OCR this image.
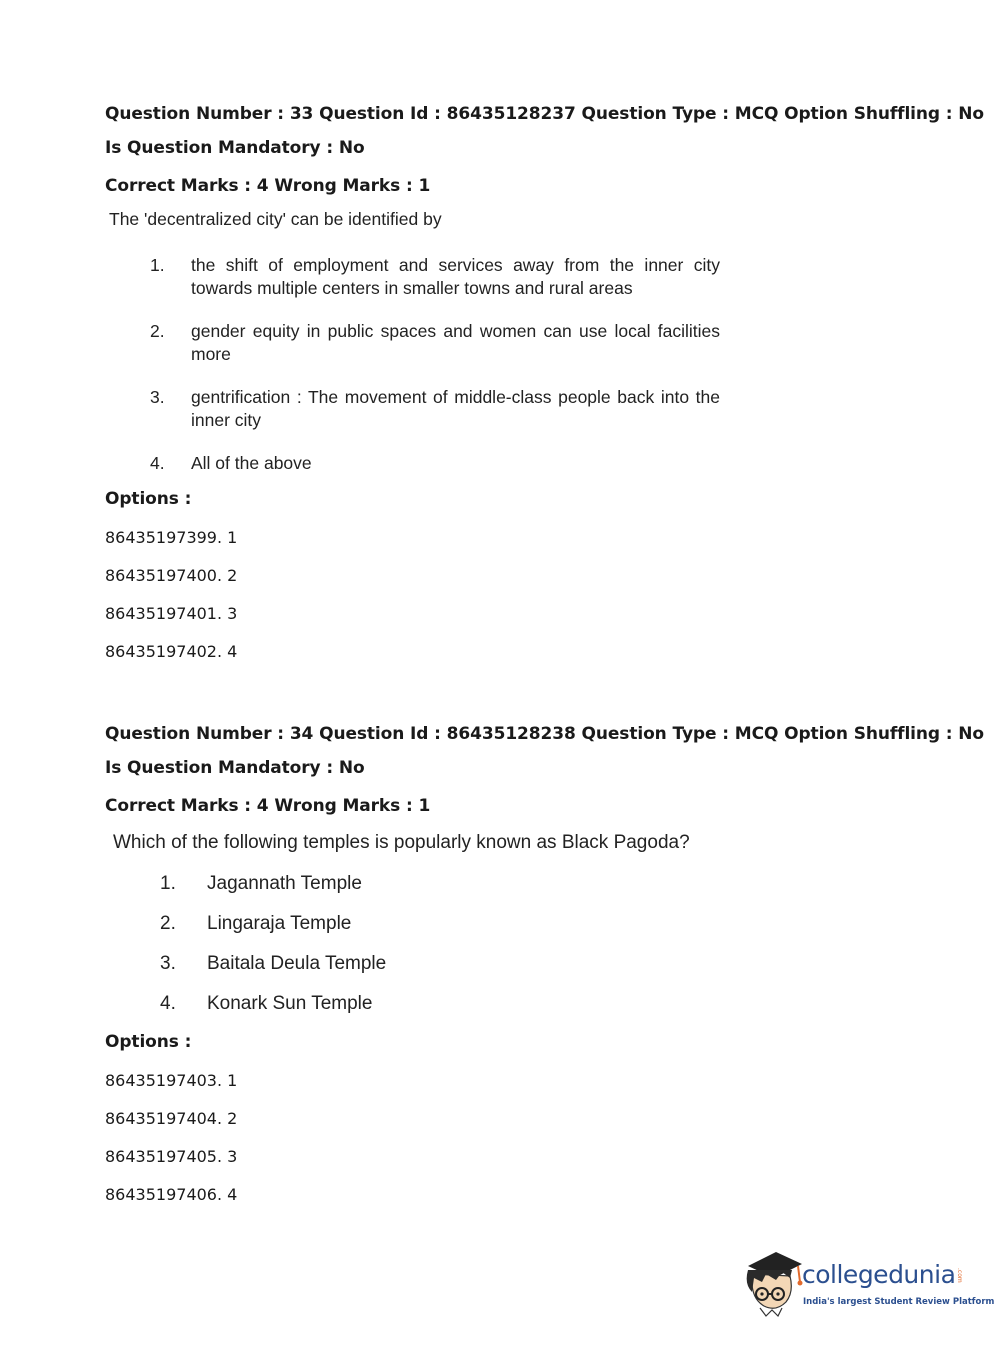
Question Number : 33 Question Id : 86435128237 Question Type : MCQ Option Shuffling : No
Is Question Mandatory : No
Correct Marks : 4 Wrong Marks : 1
The 'decentralized city' can be identified by
1. the shift of employment and services away from the inner city
towards multiple centers in smaller towns and rural areas
2. gender equity in public spaces and women can use local facilities
more
3. gentrification : The movement of middle-class people back into the
inner city
4. All of the above
Options :
86435197399. 1
86435197400. 2
86435197401. 3
86435197402. 4
Question Number : 34 Question Id : 86435128238 Question Type : MCQ Option Shuffling : No
Is Question Mandatory : No
Correct Marks : 4 Wrong Marks : 1
Which of the following temples is popularly known as Black Pagoda?
1. Jagannath Temple
2. Lingaraja Temple
3. Baitala Deula Temple
4. Konark Sun Temple
Options :
86435197403. 1
86435197404. 2
86435197405. 3
86435197406. 4
collegedunia .com
India's largest Student Review Platform
